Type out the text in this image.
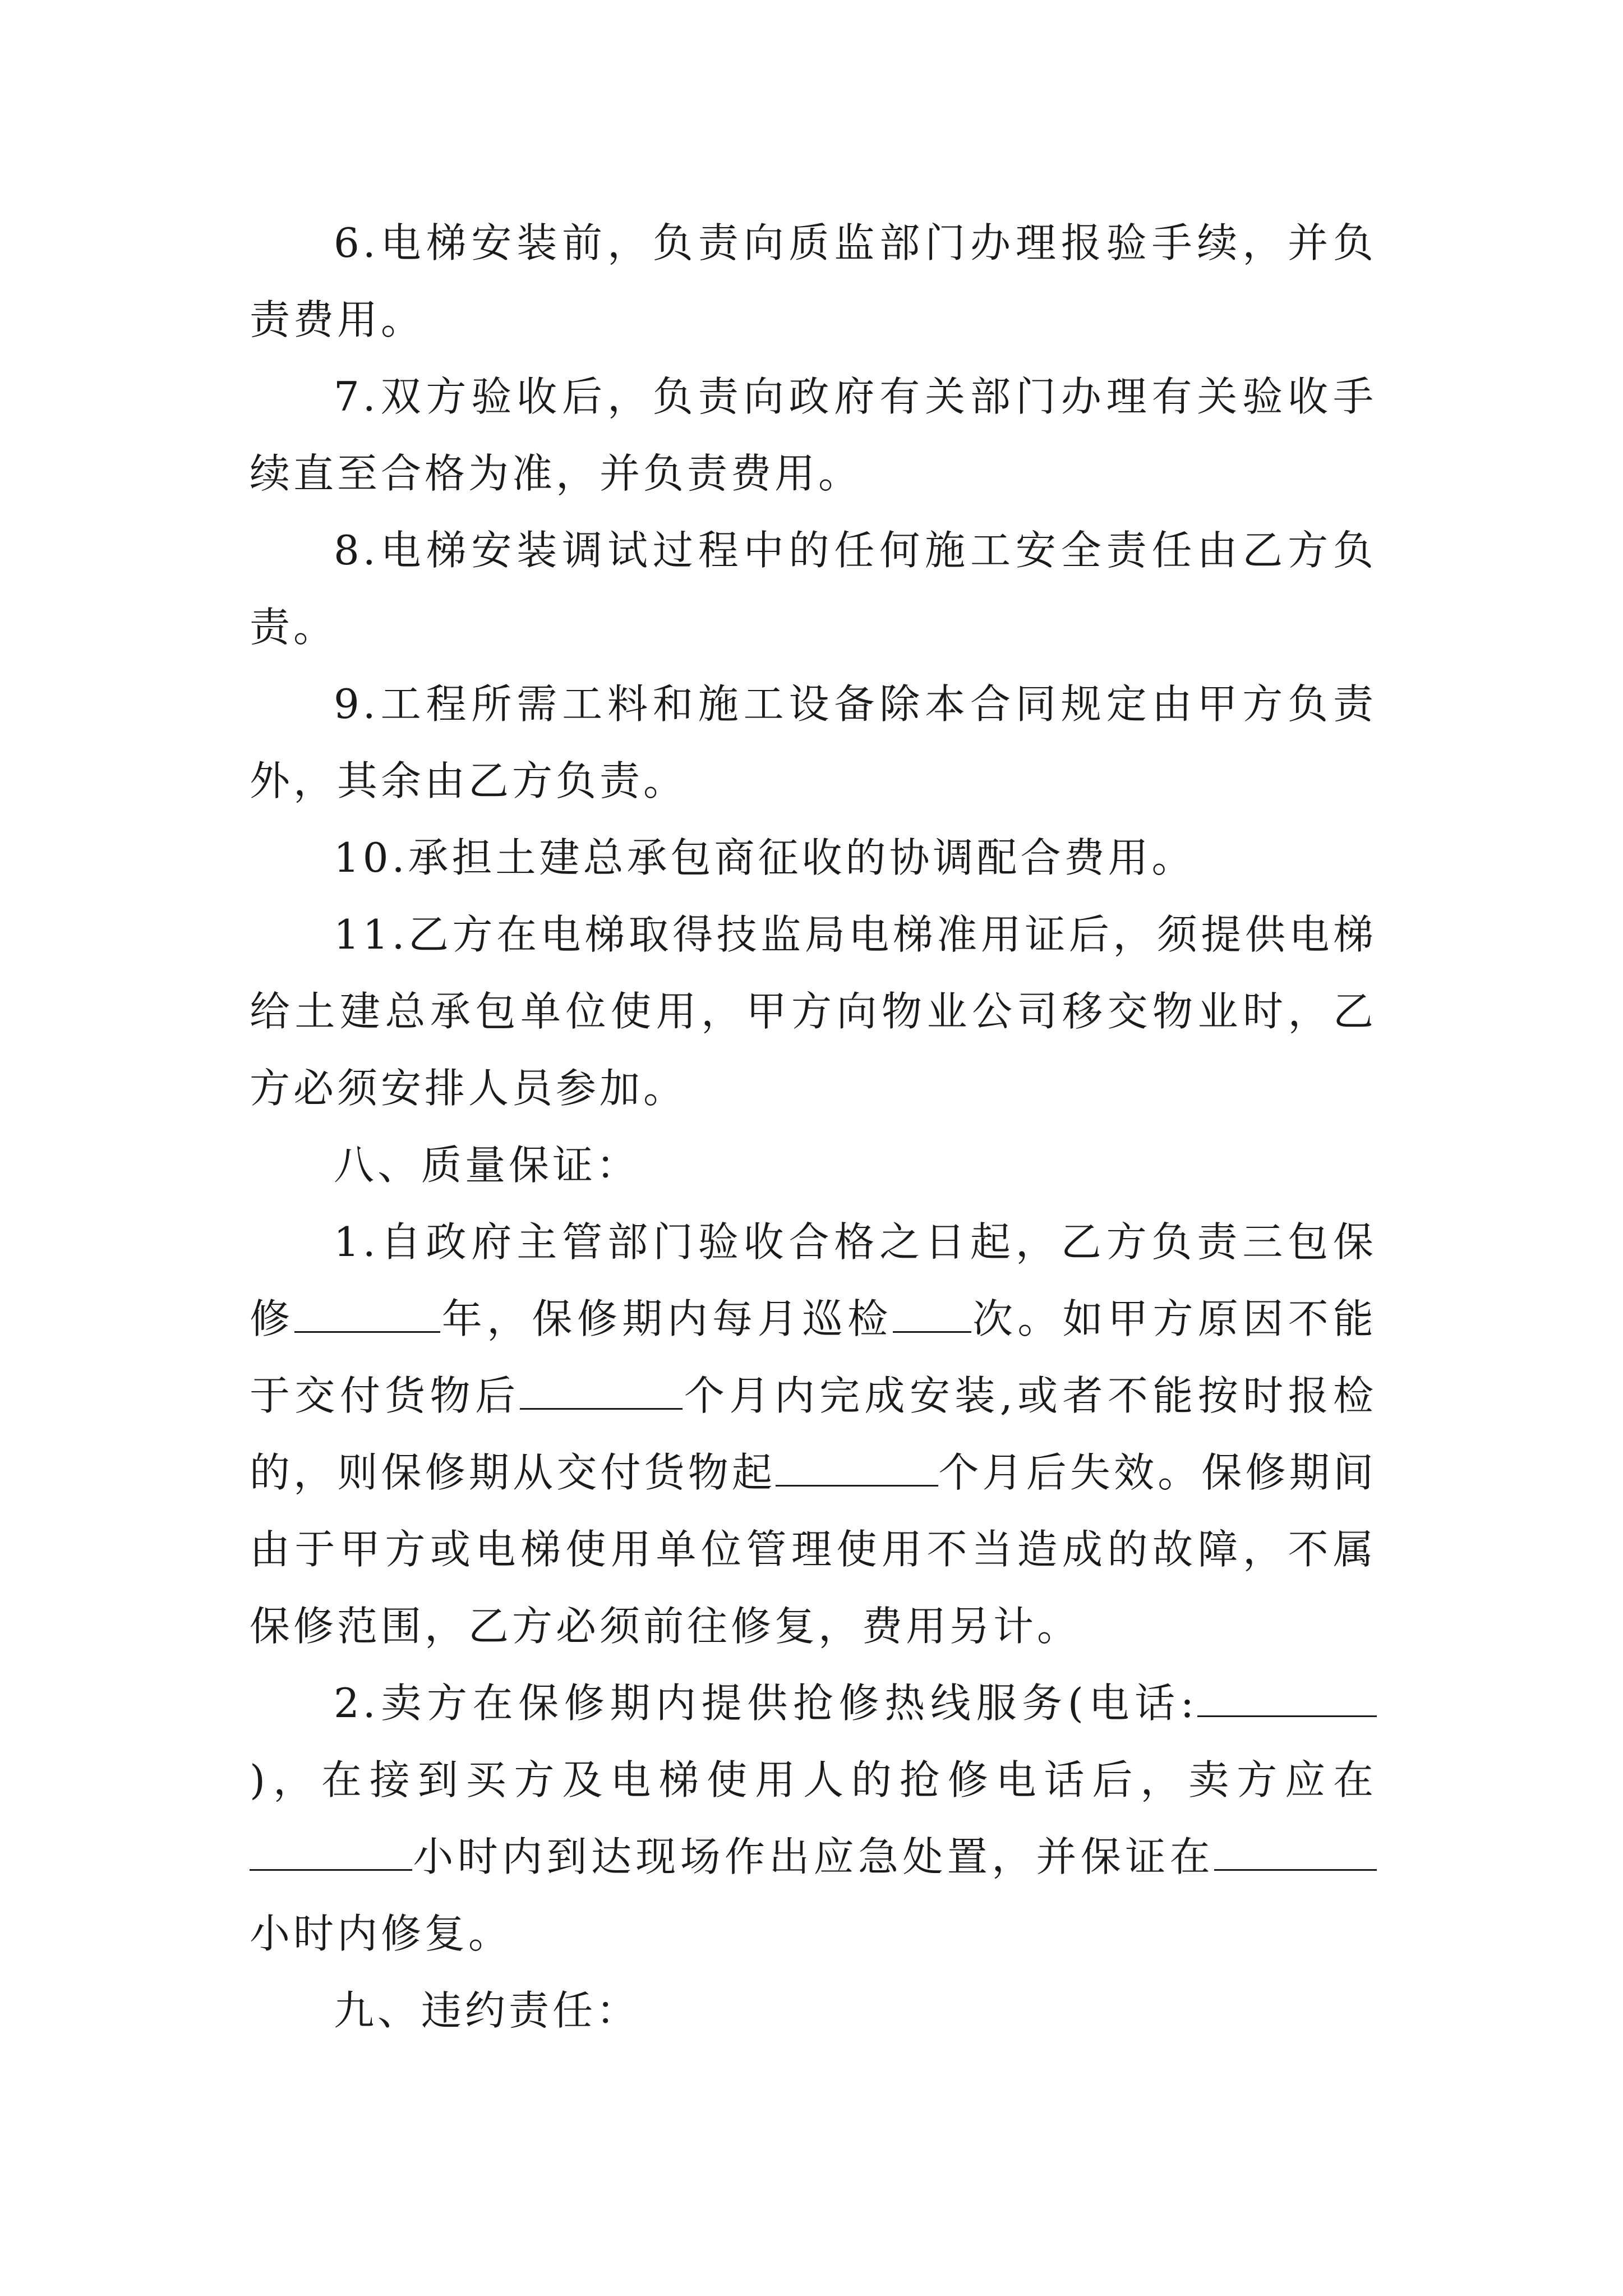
6.电梯安装前，负责向质监部门办理报验手续，并负责费用。

7.双方验收后，负责向政府有关部门办理有关验收手续直至合格为准，并负责费用。

8.电梯安装调试过程中的任何施工安全责任由乙方负责。

9.工程所需工料和施工设备除本合同规定由甲方负责外，其余由乙方负责。

10.承担土建总承包商征收的协调配合费用。

11.乙方在电梯取得技监局电梯准用证后，须提供电梯给土建总承包单位使用，甲方向物业公司移交物业时，乙方必须安排人员参加。

八、质量保证：

1.自政府主管部门验收合格之日起，乙方负责三包保修	年，保修期内每月巡检 次。如甲方原因不能于交付货物后	个月内完成安装,或者不能按时报检的，则保修期从交付货物起	个月后失效。保修期间由于甲方或电梯使用单位管理使用不当造成的故障，不属保修范围，乙方必须前往修复，费用另计。

2.卖方在保修期内提供抢修热线服务(电话:)，在接到买方及电梯使用人的抢修电话后，卖方应在小时内到达现场作出应急处置，并保证在小时内修复。

九、违约责任：
